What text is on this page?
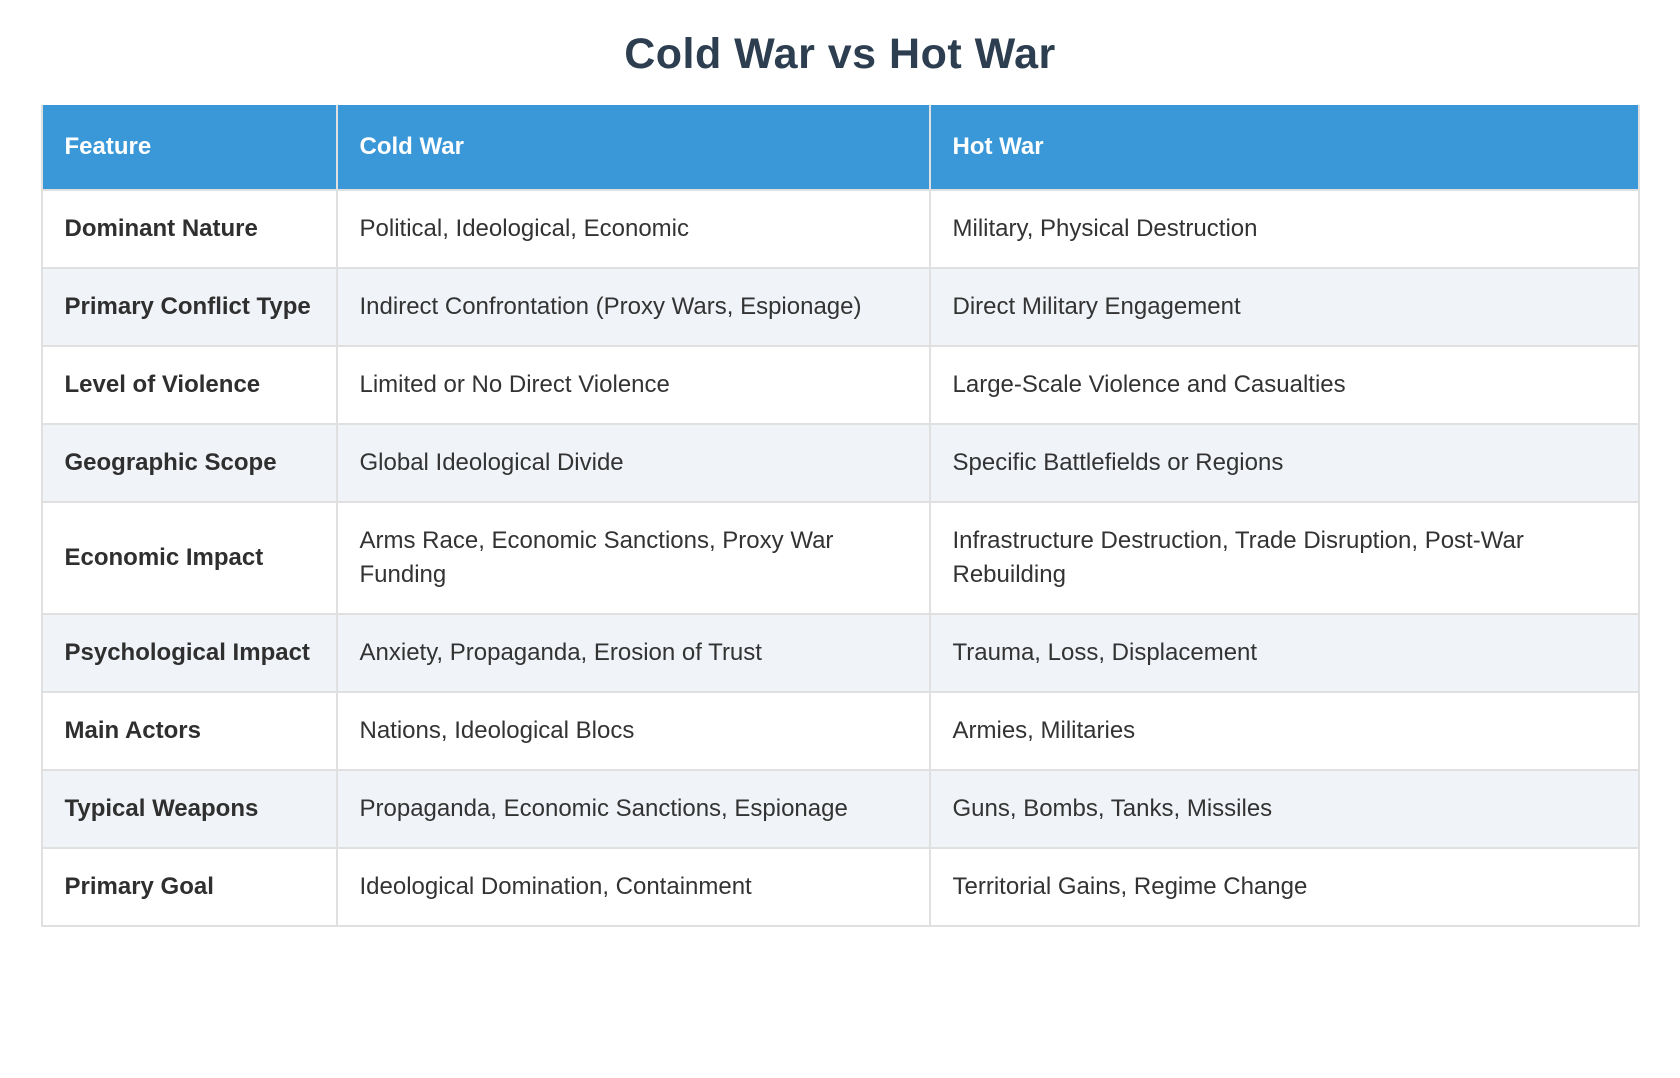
Cold War vs Hot War
Feature	Cold War	Hot War
Dominant Nature	Political, Ideological, Economic	Military, Physical Destruction
Primary Conflict Type	Indirect Confrontation (Proxy Wars, Espionage)	Direct Military Engagement
Level of Violence	Limited or No Direct Violence	Large-Scale Violence and Casualties
Geographic Scope	Global Ideological Divide	Specific Battlefields or Regions
Economic Impact	Arms Race, Economic Sanctions, Proxy War Funding	Infrastructure Destruction, Trade Disruption, Post-War Rebuilding
Psychological Impact	Anxiety, Propaganda, Erosion of Trust	Trauma, Loss, Displacement
Main Actors	Nations, Ideological Blocs	Armies, Militaries
Typical Weapons	Propaganda, Economic Sanctions, Espionage	Guns, Bombs, Tanks, Missiles
Primary Goal	Ideological Domination, Containment	Territorial Gains, Regime Change
